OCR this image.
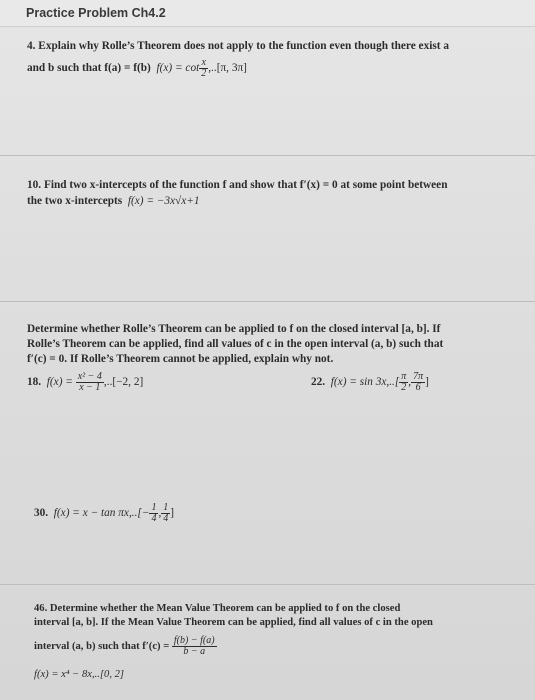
Practice Problem Ch4.2
4. Explain why Rolle’s Theorem does not apply to the function even though there exist a
and b such that f(a) = f(b) $f(x) = \cot \frac{x}{2} ,..[\pi$, 3π]
10. Find two x-intercepts of the function f and show that f′(x) = 0 at some point between
the two x-intercepts f(x) = −3x√x+1
Determine whether Rolle’s Theorem can be applied to f on the closed interval [a, b]. If
Rolle’s Theorem can be applied, find all values of c in the open interval (a, b) such that
f′(c) = 0. If Rolle’s Theorem cannot be applied, explain why not.
18. $f(x) = \frac{\text{x² − 4}}{x - 1} ,..[-2$, 2]	22. $f(x) = \sin 3x,..[ \frac{\pi}{2}$ , $\frac{7\pi}{6}$ ]
30. $f(x) = x - \tan \pi x,..[- \frac{1}{4}$ , $\frac{1}{4}$ ]
46. Determine whether the Mean Value Theorem can be applied to f on the closed
interval [a, b]. If the Mean Value Theorem can be applied, find all values of c in the open
interval (a, b) such that $f'(c) = \frac{f(b) - f(a)}{b - a}$
f(x) = x⁴ − 8x,..[0, 2]
